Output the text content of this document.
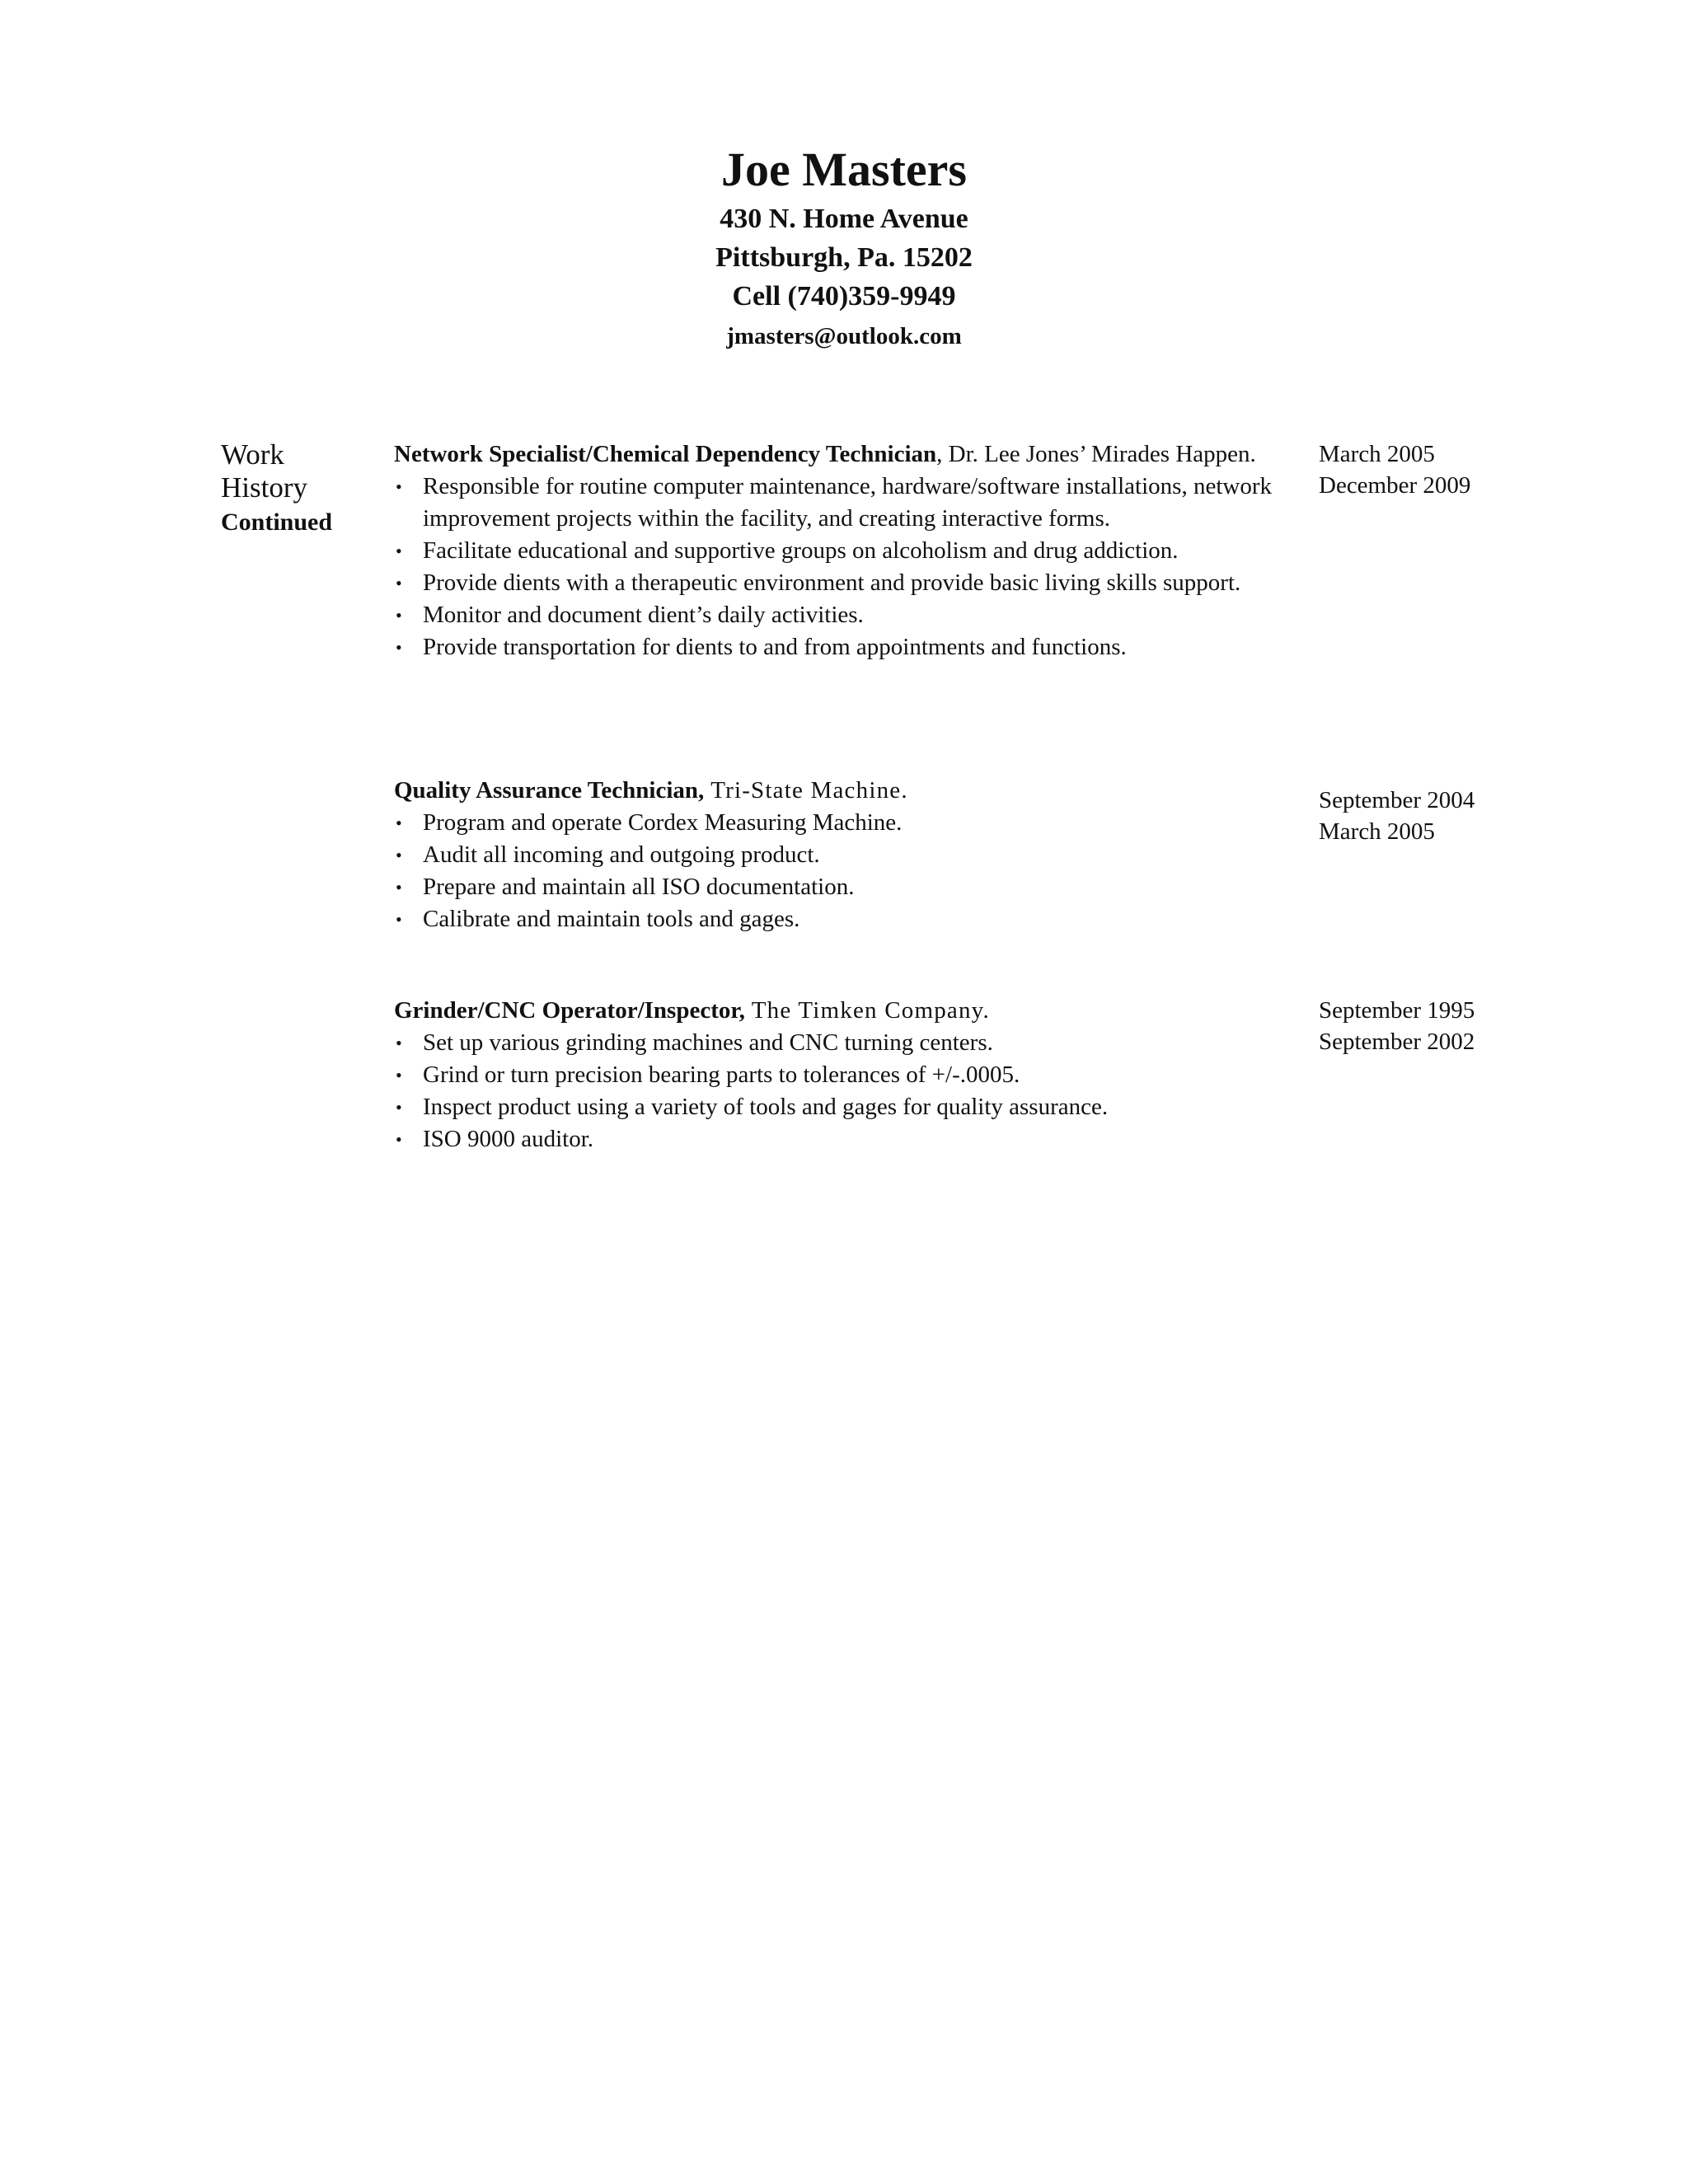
Joe Masters

430 N. Home Avenue

Pittsburgh, Pa. 15202

Cell (740)359-9949

jmasters@outlook.com

Work
History
Continued

Network Specialist/Chemical Dependency Technician, Dr. Lee Jones’ Mirades Happen.

• Responsible for routine computer maintenance, hardware/software installations, network improvement projects within the facility, and creating interactive forms.
• Facilitate educational and supportive groups on alcoholism and drug addiction.
• Provide dients with a therapeutic environment and provide basic living skills support.
• Monitor and document dient’s daily activities.
• Provide transportation for dients to and from appointments and functions.
March 2005
December 2009

Quality Assurance Technician, Tri-State Machine.

• Program and operate Cordex Measuring Machine.
• Audit all incoming and outgoing product.
• Prepare and maintain all ISO documentation.
• Calibrate and maintain tools and gages.
September 2004
March 2005

Grinder/CNC Operator/Inspector, The Timken Company.

• Set up various grinding machines and CNC turning centers.
• Grind or turn precision bearing parts to tolerances of +/-.0005.
• Inspect product using a variety of tools and gages for quality assurance.
• ISO 9000 auditor.
September 1995
September 2002
